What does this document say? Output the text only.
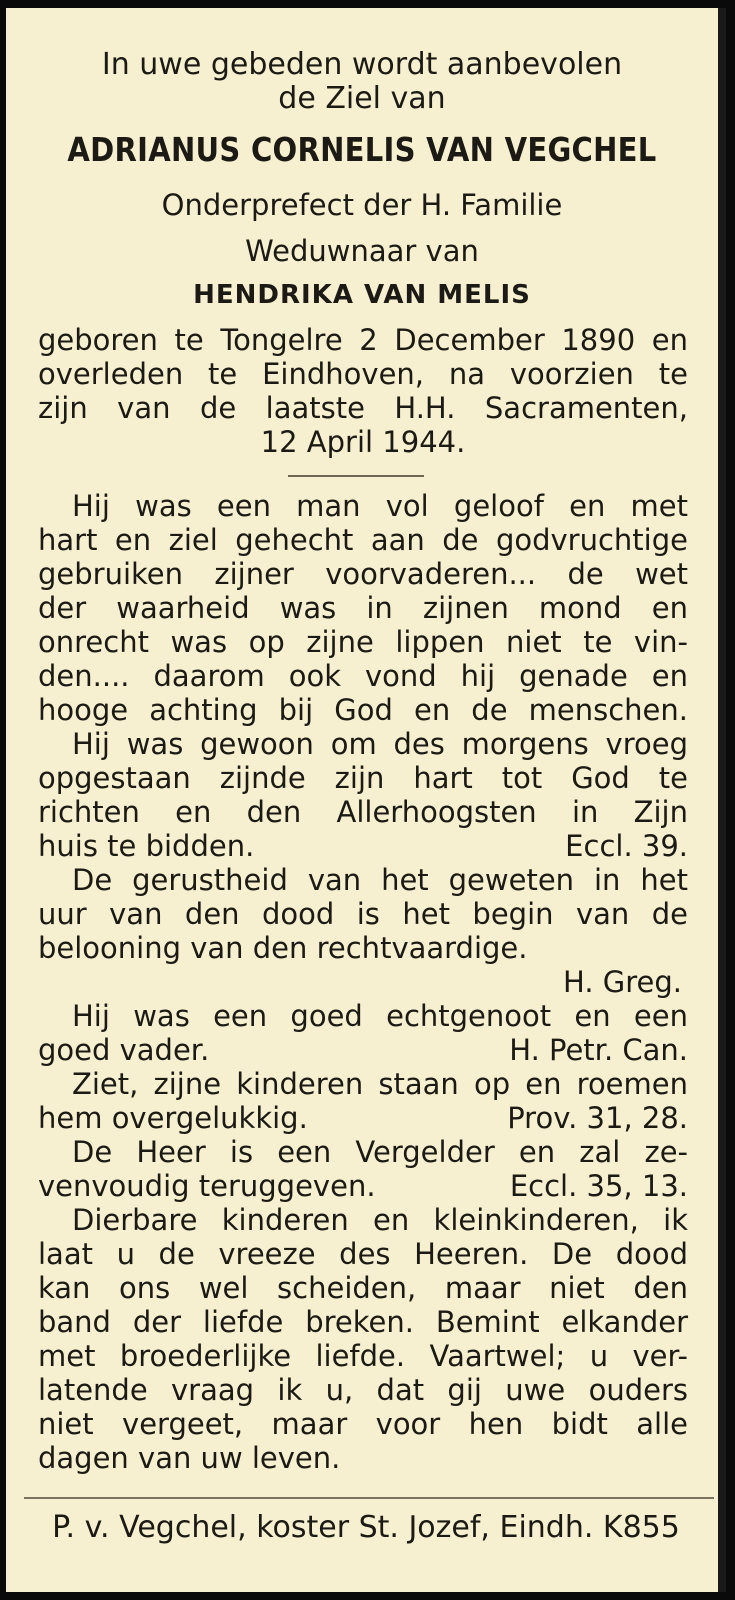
In uwe gebeden wordt aanbevolen
de Ziel van
ADRIANUS CORNELIS VAN VEGCHEL
Onderprefect der H. Familie
Weduwnaar van
HENDRIKA VAN MELIS
geboren te Tongelre 2 December 1890 en
overleden te Eindhoven, na voorzien te
zijn van de laatste H.H. Sacramenten,
12 April 1944.
Hij was een man vol geloof en met
hart en ziel gehecht aan de godvruchtige
gebruiken zijner voorvaderen... de wet
der waarheid was in zijnen mond en
onrecht was op zijne lippen niet te vin-
den.... daarom ook vond hij genade en
hooge achting bij God en de menschen.
Hij was gewoon om des morgens vroeg
opgestaan zijnde zijn hart tot God te
richten en den Allerhoogsten in Zijn
huis te bidden.	Eccl. 39.
De gerustheid van het geweten in het
uur van den dood is het begin van de
belooning van den rechtvaardige.
H. Greg.
Hij was een goed echtgenoot en een
goed vader.	H. Petr. Can.
Ziet, zijne kinderen staan op en roemen
hem overgelukkig.	Prov. 31, 28.
De Heer is een Vergelder en zal ze-
venvoudig teruggeven.	Eccl. 35, 13.
Dierbare kinderen en kleinkinderen, ik
laat u de vreeze des Heeren. De dood
kan ons wel scheiden, maar niet den
band der liefde breken. Bemint elkander
met broederlijke liefde. Vaartwel; u ver-
latende vraag ik u, dat gij uwe ouders
niet vergeet, maar voor hen bidt alle
dagen van uw leven.
P. v. Vegchel, koster St. Jozef, Eindh. K855
